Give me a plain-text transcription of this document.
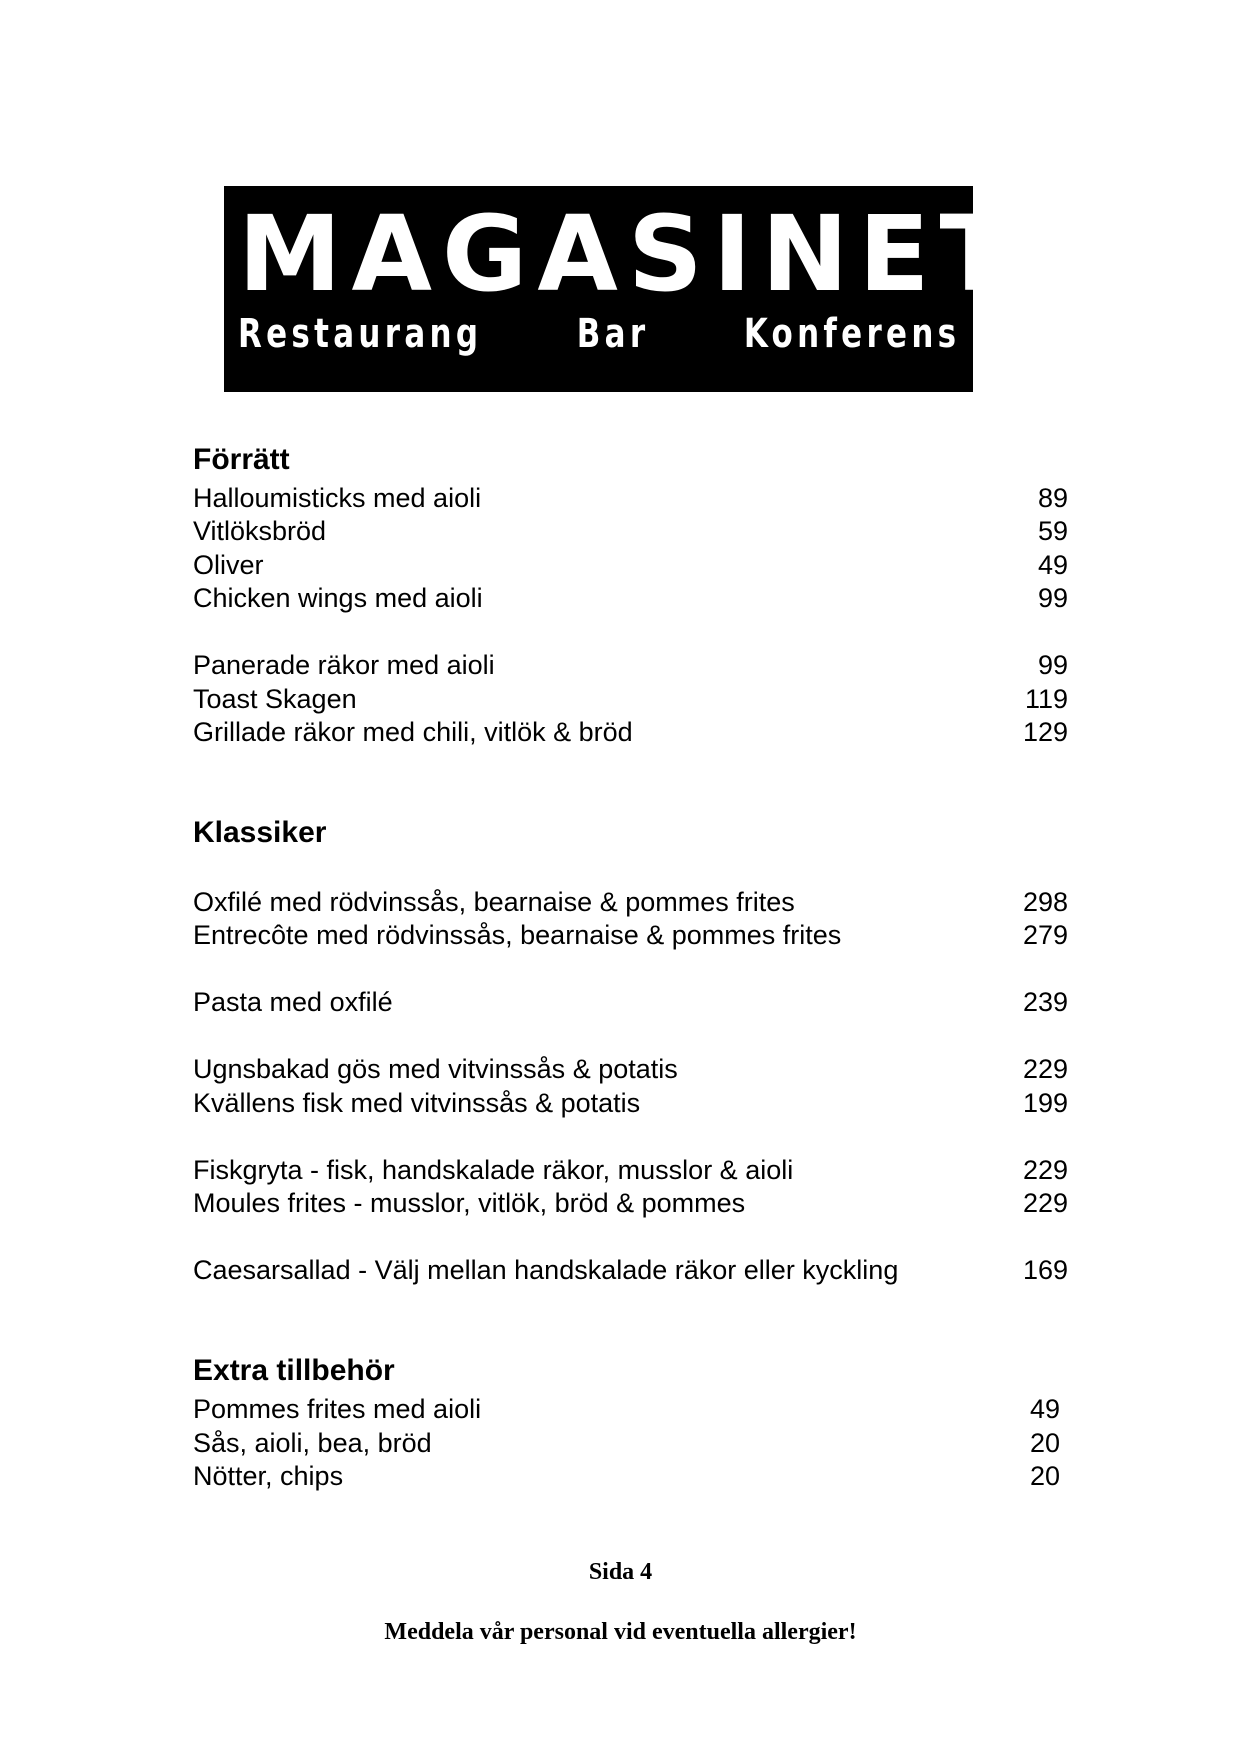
MAGASINET
Restaurang Bar Konferens
Förrätt
Halloumisticks med aioli	89
Vitlöksbröd	59
Oliver	49
Chicken wings med aioli	99
Panerade räkor med aioli	99
Toast Skagen	119
Grillade räkor med chili, vitlök & bröd	129
Klassiker
Oxfilé med rödvinssås, bearnaise & pommes frites	298
Entrecôte med rödvinssås, bearnaise & pommes frites	279
Pasta med oxfilé	239
Ugnsbakad gös med vitvinssås & potatis	229
Kvällens fisk med vitvinssås & potatis	199
Fiskgryta - fisk, handskalade räkor, musslor & aioli	229
Moules frites - musslor, vitlök, bröd & pommes	229
Caesarsallad - Välj mellan handskalade räkor eller kyckling	169
Extra tillbehör
Pommes frites med aioli	49
Sås, aioli, bea, bröd	20
Nötter, chips	20
Sida 4
Meddela vår personal vid eventuella allergier!
